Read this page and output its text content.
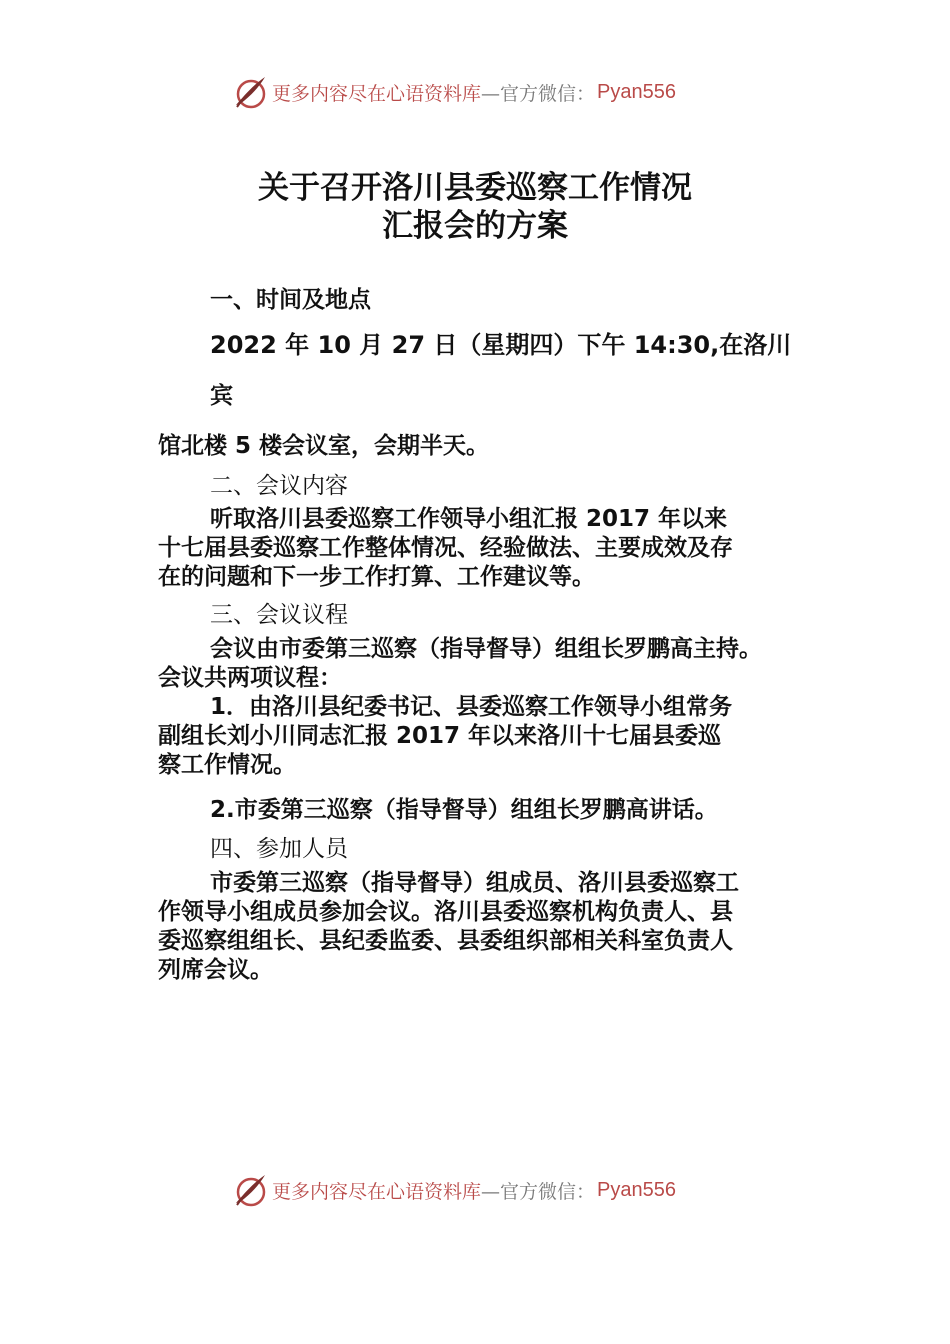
更多内容尽在心语资料库 —官方微信： Pyan556
关于召开洛川县委巡察工作情况
汇报会的方案
一、时间及地点
2022 年 10 月 27 日（星期四）下午 14:30,在洛川
宾
馆北楼 5 楼会议室，会期半天。
二、会议内容
听取洛川县委巡察工作领导小组汇报 2017 年以来
十七届县委巡察工作整体情况、经验做法、主要成效及存
在的问题和下一步工作打算、工作建议等。
三、会议议程
会议由市委第三巡察（指导督导）组组长罗鹏高主持。
会议共两项议程：
1．由洛川县纪委书记、县委巡察工作领导小组常务
副组长刘小川同志汇报 2017 年以来洛川十七届县委巡
察工作情况。
2.市委第三巡察（指导督导）组组长罗鹏高讲话。
四、参加人员
市委第三巡察（指导督导）组成员、洛川县委巡察工
作领导小组成员参加会议。洛川县委巡察机构负责人、县
委巡察组组长、县纪委监委、县委组织部相关科室负责人
列席会议。
更多内容尽在心语资料库 —官方微信： Pyan556
